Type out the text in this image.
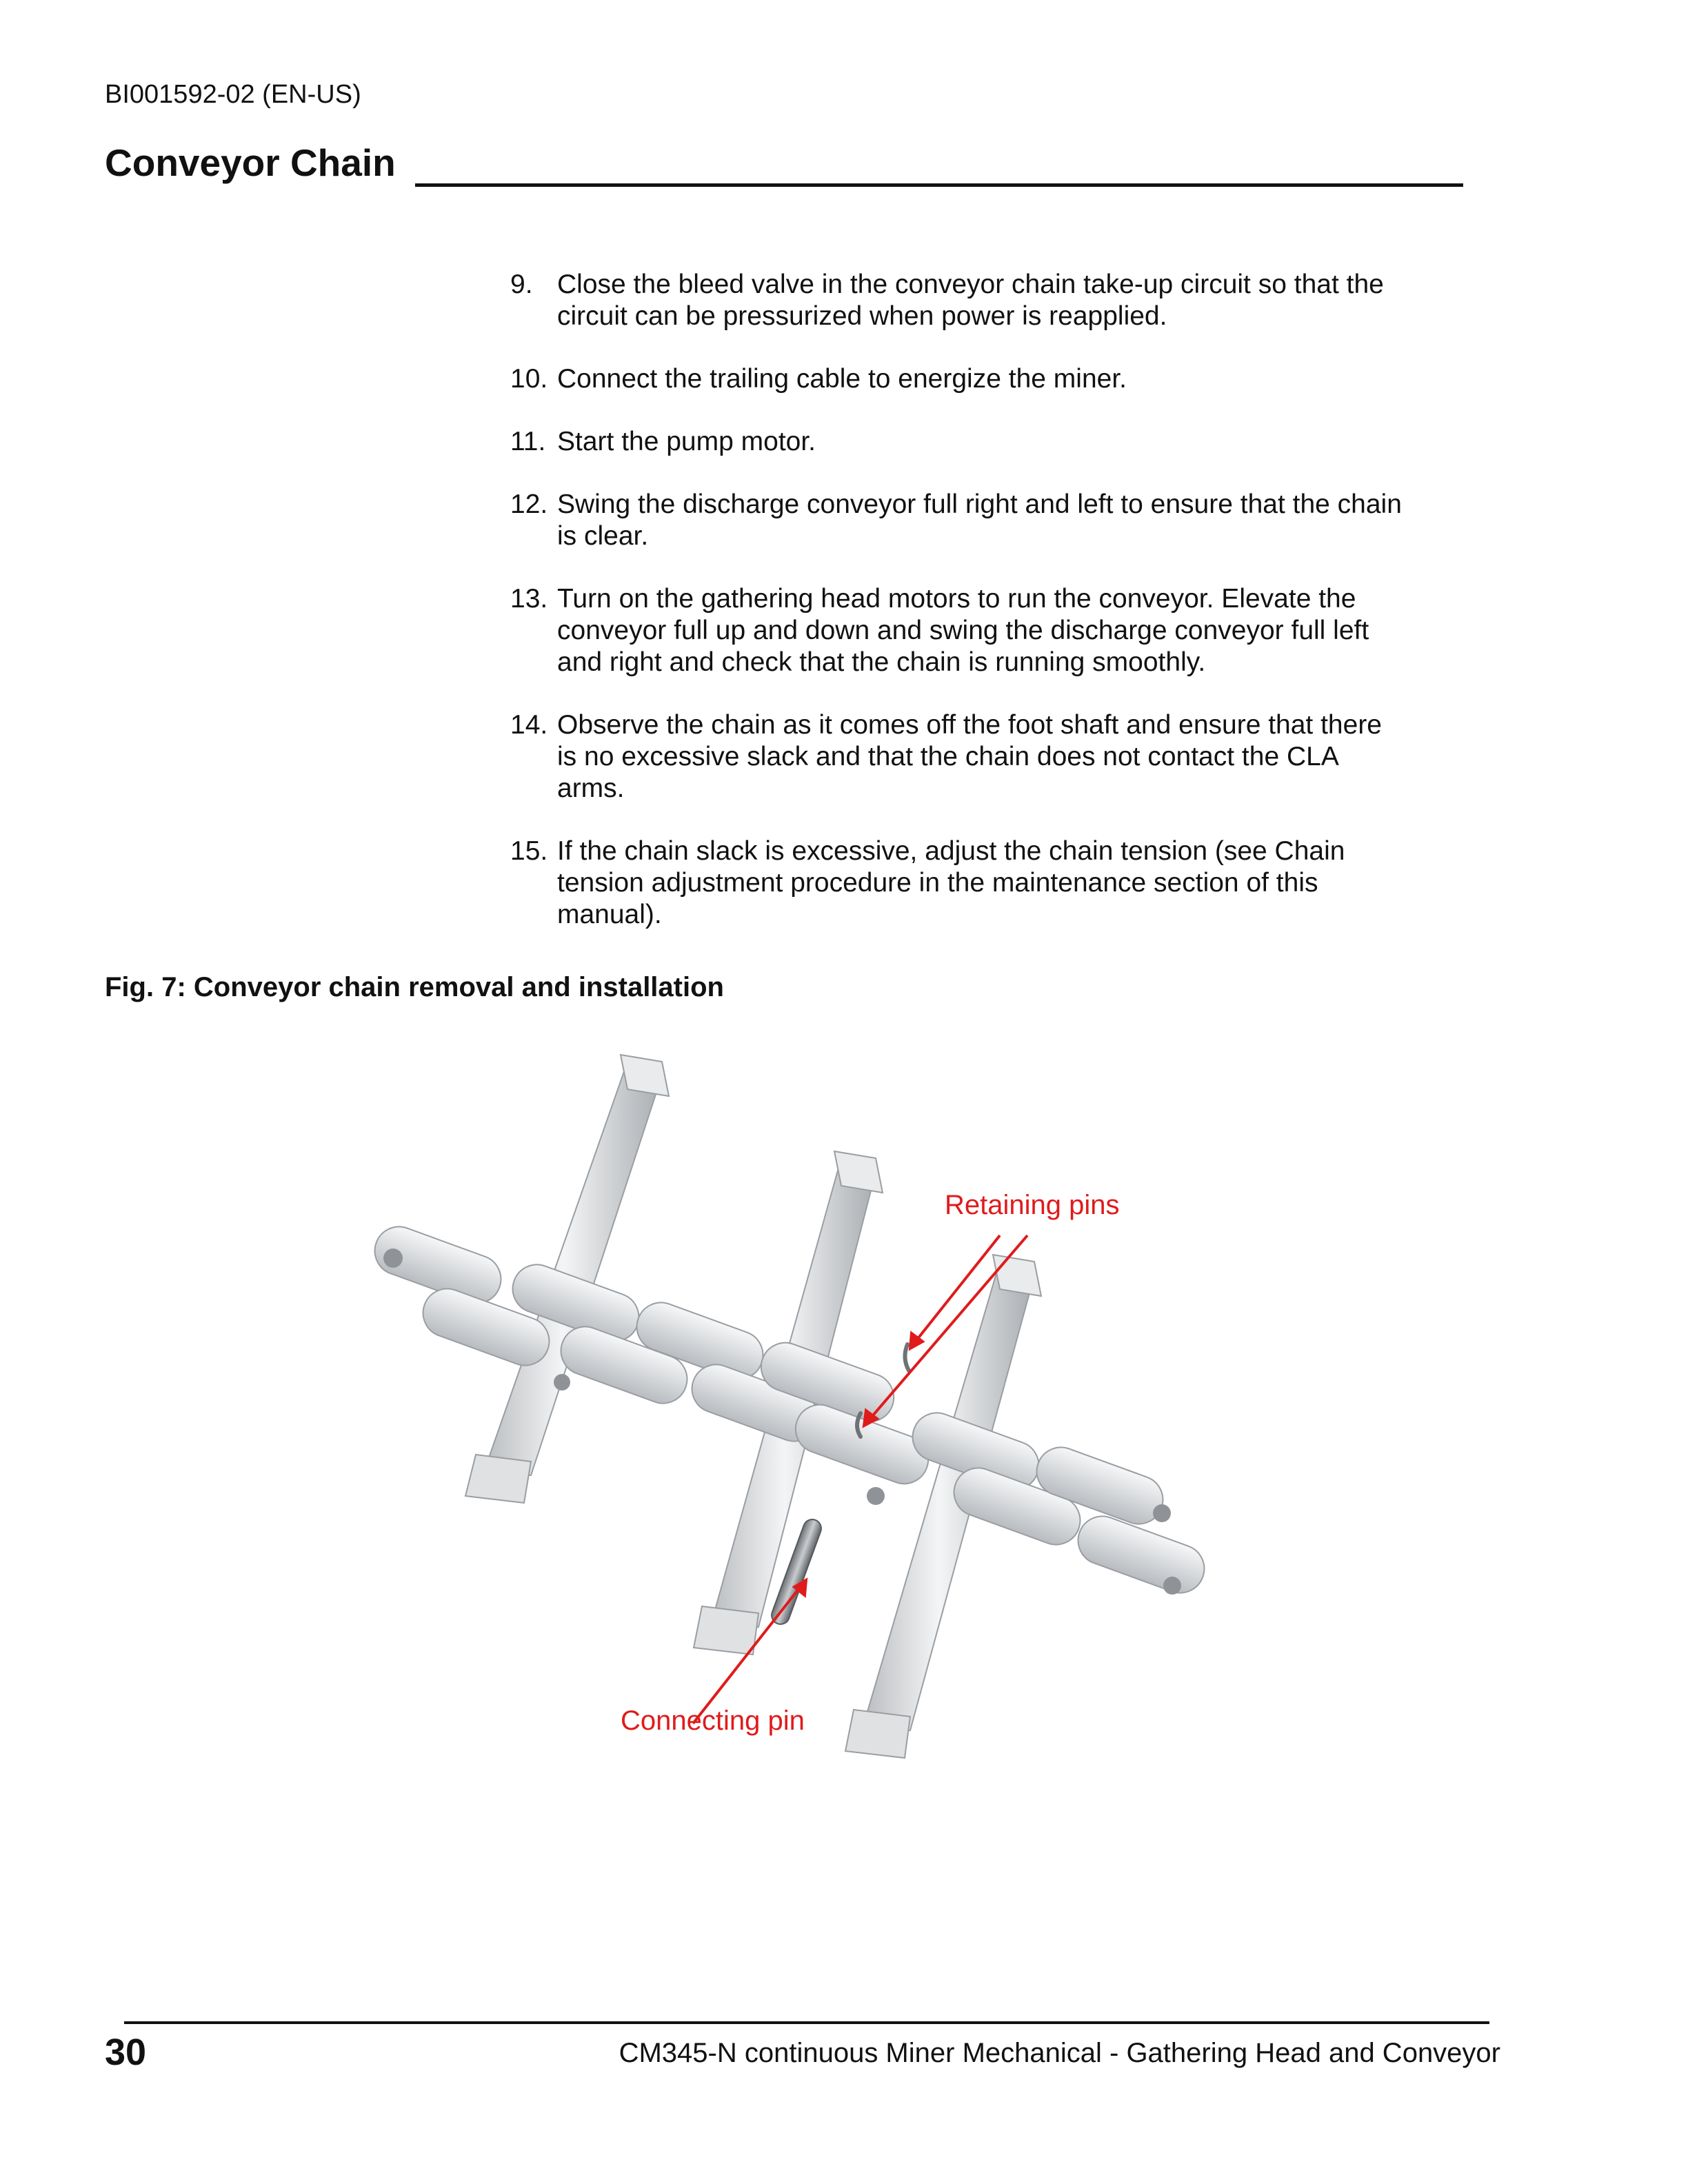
BI001592-02 (EN-US)
Conveyor Chain
9. Close the bleed valve in the conveyor chain take-up circuit so that the circuit can be pressurized when power is reapplied.
10. Connect the trailing cable to energize the miner.
11. Start the pump motor.
12. Swing the discharge conveyor full right and left to ensure that the chain is clear.
13. Turn on the gathering head motors to run the conveyor. Elevate the conveyor full up and down and swing the discharge conveyor full left and right and check that the chain is running smoothly.
14. Observe the chain as it comes off the foot shaft and ensure that there is no excessive slack and that the chain does not contact the CLA arms.
15. If the chain slack is excessive, adjust the chain tension (see Chain tension adjustment procedure in the maintenance section of this manual).
Fig. 7: Conveyor chain removal and installation
Retaining pins
Connecting pin
30	CM345-N continuous Miner Mechanical - Gathering Head and Conveyor
